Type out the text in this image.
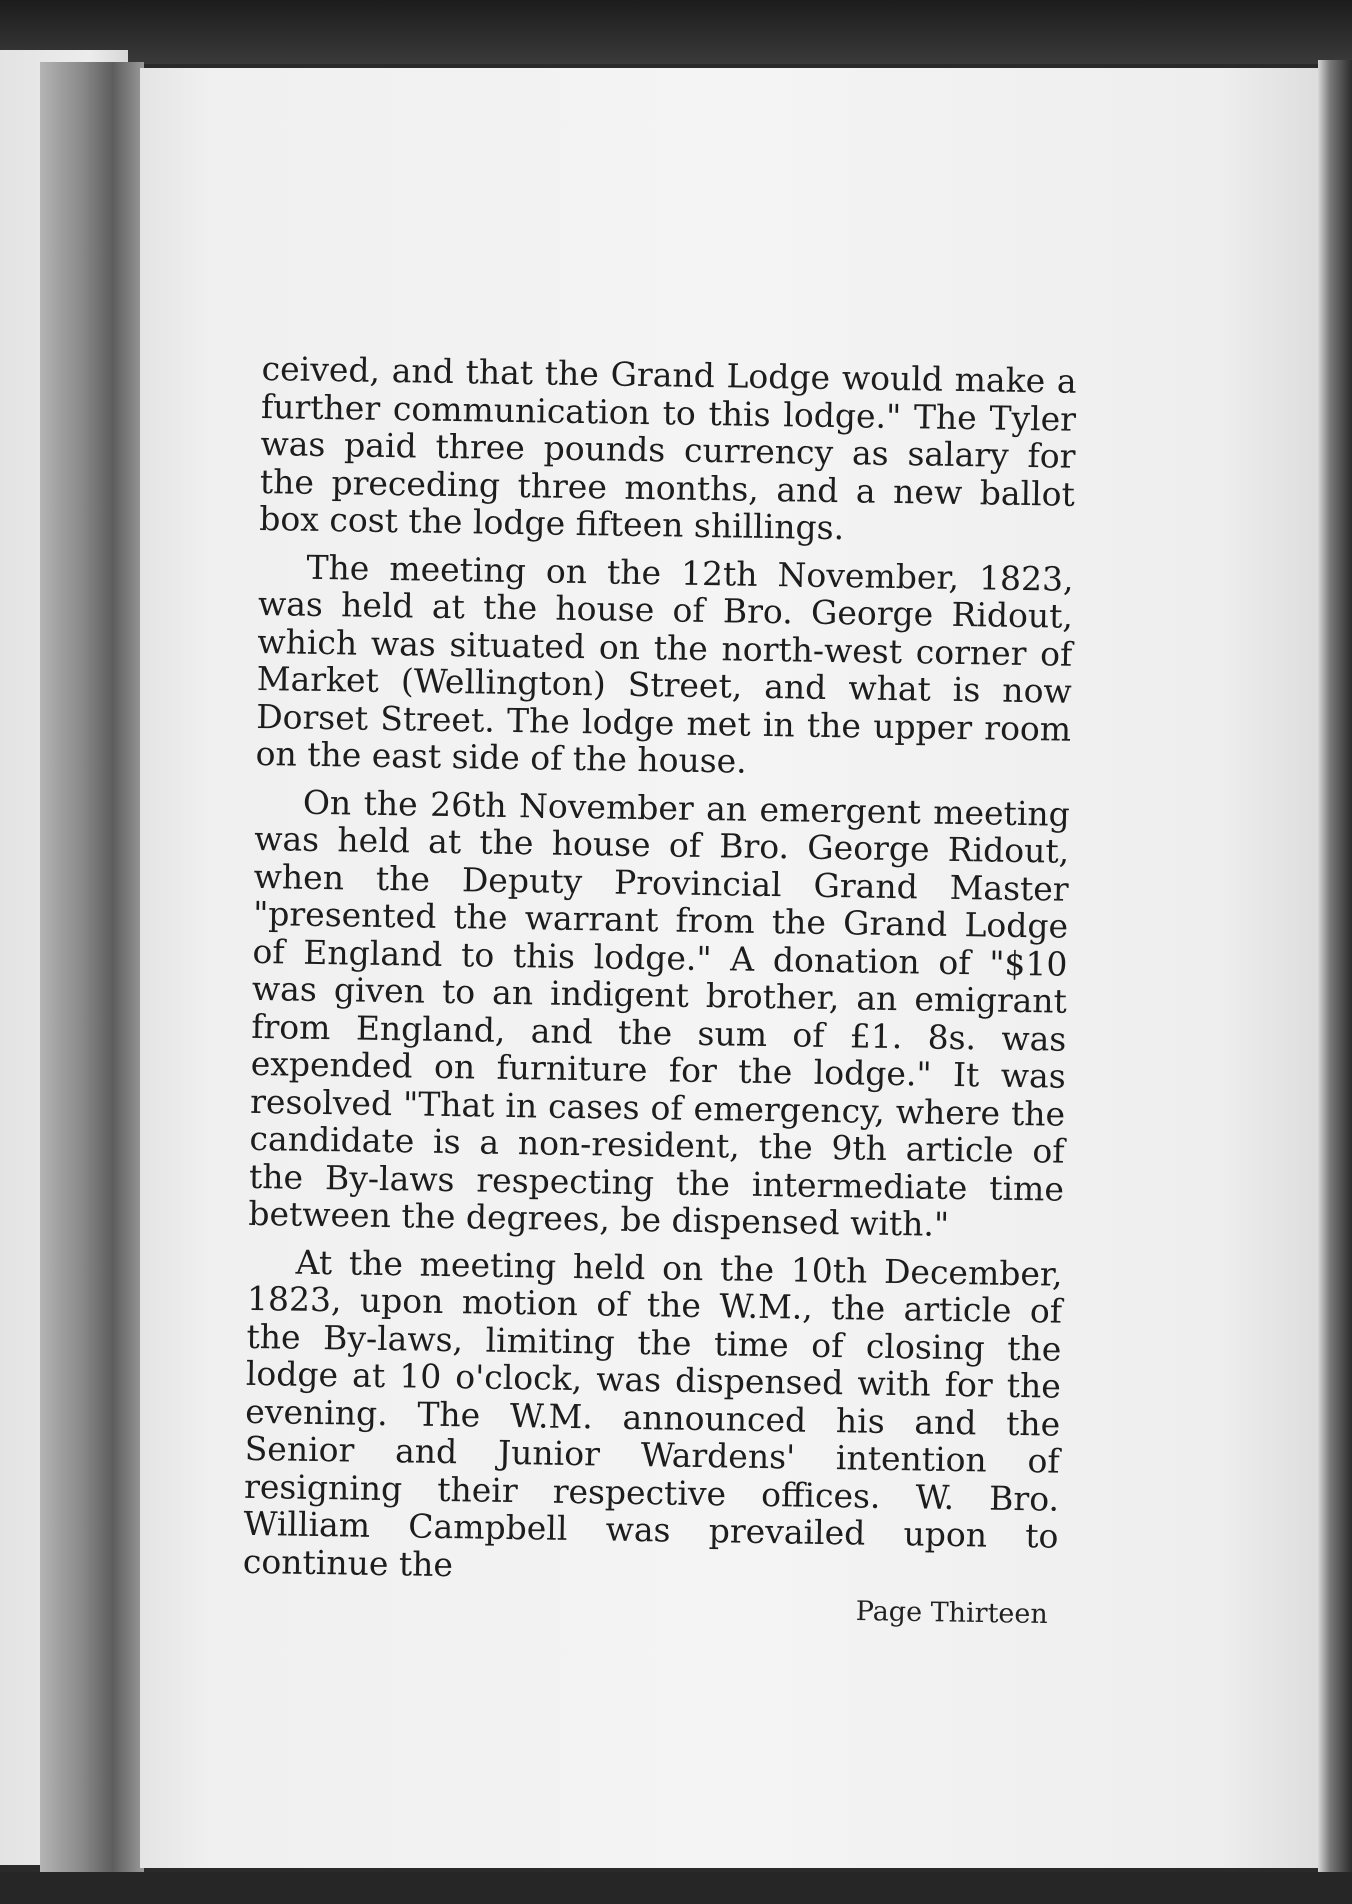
ceived, and that the Grand Lodge would make a further communication to this lodge." The Tyler was paid three pounds currency as salary for the preceding three months, and a new ballot box cost the lodge fifteen shillings.

The meeting on the 12th November, 1823, was held at the house of Bro. George Ridout, which was situated on the north-west corner of Market (Wellington) Street, and what is now Dorset Street. The lodge met in the upper room on the east side of the house.

On the 26th November an emergent meeting was held at the house of Bro. George Ridout, when the Deputy Provincial Grand Master "presented the warrant from the Grand Lodge of England to this lodge." A donation of "$10 was given to an indigent brother, an emigrant from England, and the sum of £1. 8s. was expended on furniture for the lodge." It was resolved "That in cases of emergency, where the candidate is a non-resident, the 9th article of the By-laws respecting the intermediate time between the degrees, be dispensed with."

At the meeting held on the 10th December, 1823, upon motion of the W.M., the article of the By-laws, limiting the time of closing the lodge at 10 o'clock, was dispensed with for the evening. The W.M. announced his and the Senior and Junior Wardens' intention of resigning their respective offices. W. Bro. William Campbell was prevailed upon to continue the

Page Thirteen
